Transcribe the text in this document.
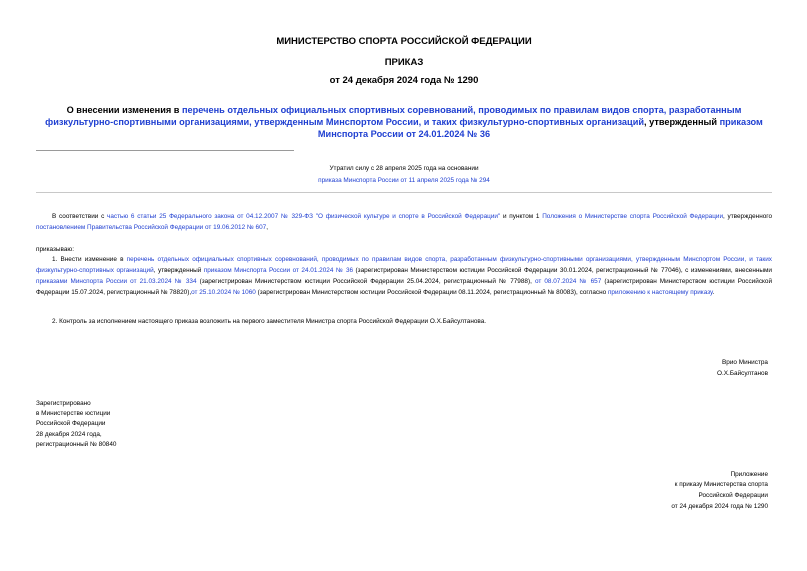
МИНИСТЕРСТВО СПОРТА РОССИЙСКОЙ ФЕДЕРАЦИИ
ПРИКАЗ
от 24 декабря 2024 года № 1290
О внесении изменения в перечень отдельных официальных спортивных соревнований, проводимых по правилам видов спорта, разработанным физкультурно-спортивными организациями, утвержденным Минспортом России, и таких физкультурно-спортивных организаций, утвержденный приказом Минспорта России от 24.01.2024 № 36
Утратил силу с 28 апреля 2025 года на основании
приказа Минспорта России от 11 апреля 2025 года № 294
В соответствии с частью 6 статьи 25 Федерального закона от 04.12.2007 № 329-ФЗ "О физической культуре и спорте в Российской Федерации" и пунктом 1 Положения о Министерстве спорта Российской Федерации, утвержденного постановлением Правительства Российской Федерации от 19.06.2012 № 607,
приказываю:
1. Внести изменение в перечень отдельных официальных спортивных соревнований, проводимых по правилам видов спорта, разработанным физкультурно-спортивными организациями, утвержденным Минспортом России, и таких физкультурно-спортивных организаций, утвержденный приказом Минспорта России от 24.01.2024 № 36 (зарегистрирован Министерством юстиции Российской Федерации 30.01.2024, регистрационный № 77046), с изменениями, внесенными приказами Минспорта России от 21.03.2024 № 334 (зарегистрирован Министерством юстиции Российской Федерации 25.04.2024, регистрационный № 77988), от 08.07.2024 № 657 (зарегистрирован Министерством юстиции Российской Федерации 15.07.2024, регистрационный № 78820),от 25.10.2024 № 1060 (зарегистрирован Министерством юстиции Российской Федерации 08.11.2024, регистрационный № 80083), согласно приложению к настоящему приказу.
2. Контроль за исполнением настоящего приказа возложить на первого заместителя Министра спорта Российской Федерации О.Х.Байсултанова.
Врио Министра
О.Х.Байсултанов
Зарегистрировано
в Министерстве юстиции
Российской Федерации
28 декабря 2024 года,
регистрационный № 80840
Приложение
к приказу Министерства спорта
Российской Федерации
от 24 декабря 2024 года № 1290
